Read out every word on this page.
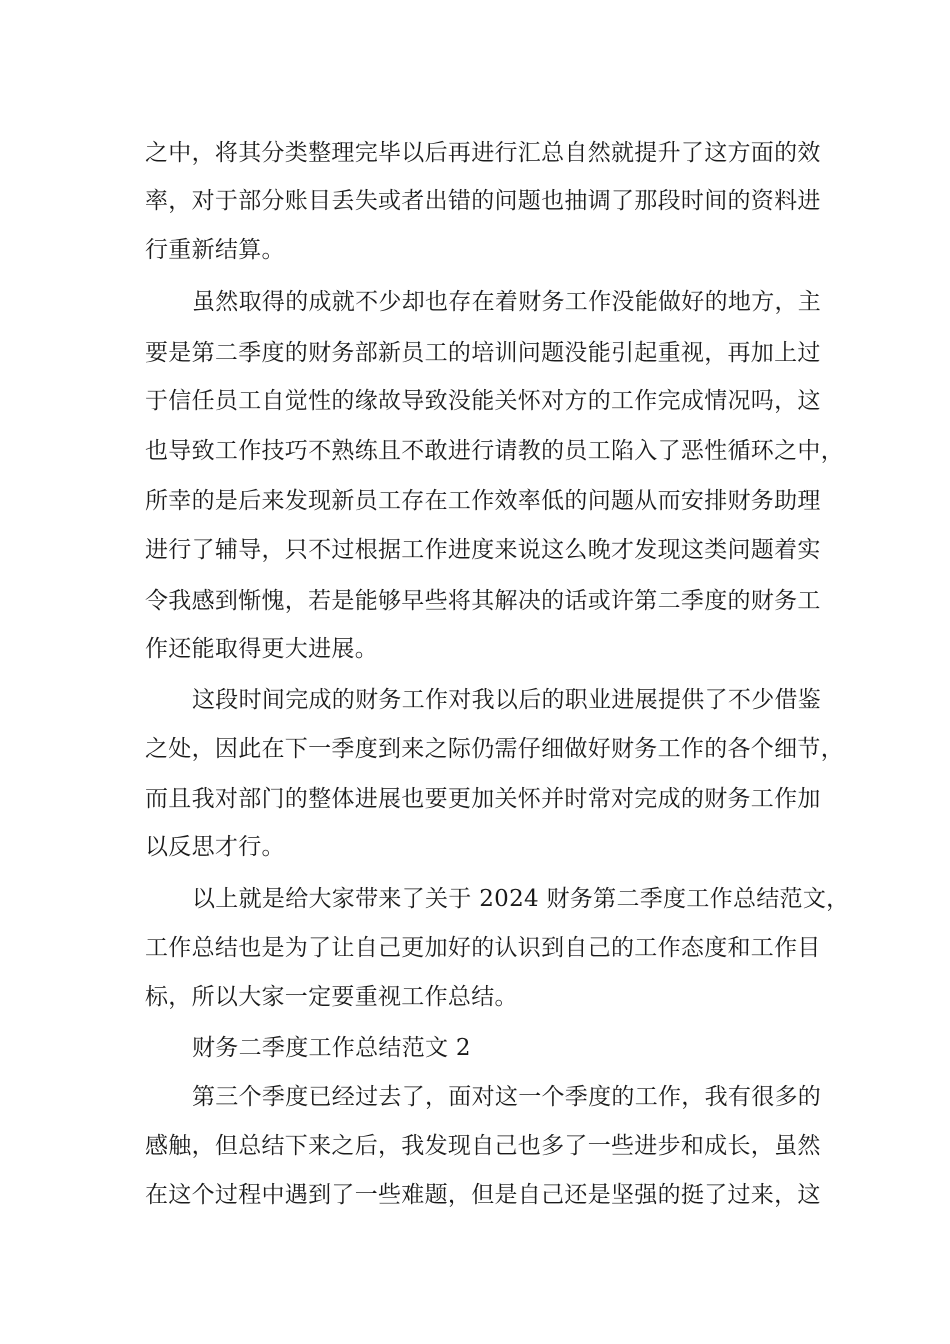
之中，将其分类整理完毕以后再进行汇总自然就提升了这方面的效
率，对于部分账目丢失或者出错的问题也抽调了那段时间的资料进
行重新结算。
虽然取得的成就不少却也存在着财务工作没能做好的地方，主
要是第二季度的财务部新员工的培训问题没能引起重视，再加上过
于信任员工自觉性的缘故导致没能关怀对方的工作完成情况吗，这
也导致工作技巧不熟练且不敢进行请教的员工陷入了恶性循环之中，
所幸的是后来发现新员工存在工作效率低的问题从而安排财务助理
进行了辅导，只不过根据工作进度来说这么晚才发现这类问题着实
令我感到惭愧，若是能够早些将其解决的话或许第二季度的财务工
作还能取得更大进展。
这段时间完成的财务工作对我以后的职业进展提供了不少借鉴
之处，因此在下一季度到来之际仍需仔细做好财务工作的各个细节，
而且我对部门的整体进展也要更加关怀并时常对完成的财务工作加
以反思才行。
以上就是给大家带来了关于 2024 财务第二季度工作总结范文，
工作总结也是为了让自己更加好的认识到自己的工作态度和工作目
标，所以大家一定要重视工作总结。
财务二季度工作总结范文 2
第三个季度已经过去了，面对这一个季度的工作，我有很多的
感触，但总结下来之后，我发现自己也多了一些进步和成长，虽然
在这个过程中遇到了一些难题，但是自己还是坚强的挺了过来，这
